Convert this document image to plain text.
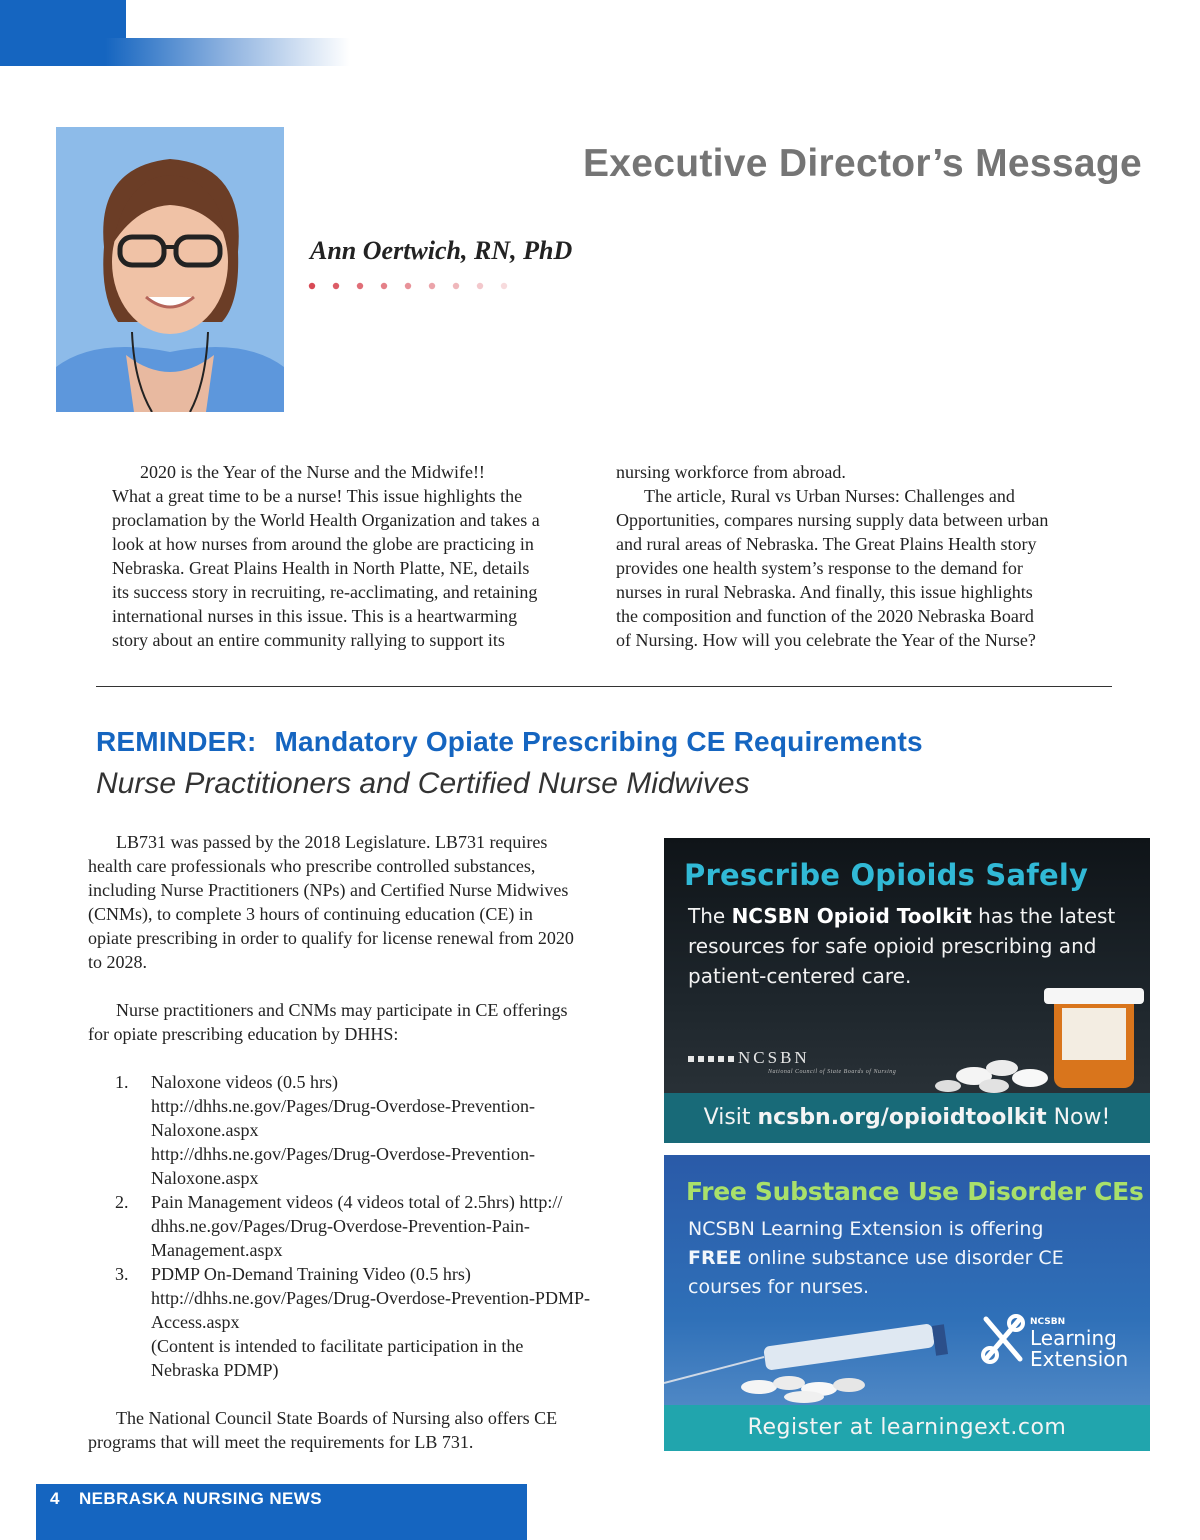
Executive Director’s Message
Ann Oertwich, RN, PhD

2020 is the Year of the Nurse and the Midwife!!

What a great time to be a nurse! This issue highlights the
proclamation by the World Health Organization and takes a
look at how nurses from around the globe are practicing in
Nebraska. Great Plains Health in North Platte, NE, details
its success story in recruiting, re-acclimating, and retaining
international nurses in this issue. This is a heartwarming
story about an entire community rallying to support its
nursing workforce from abroad.

The article, Rural vs Urban Nurses: Challenges and

Opportunities, compares nursing supply data between urban
and rural areas of Nebraska. The Great Plains Health story
provides one health system’s response to the demand for
nurses in rural Nebraska. And finally, this issue highlights
the composition and function of the 2020 Nebraska Board
of Nursing. How will you celebrate the Year of the Nurse?
REMINDER: Mandatory Opiate Prescribing CE Requirements
Nurse Practitioners and Certified Nurse Midwives

LB731 was passed by the 2018 Legislature. LB731 requires

health care professionals who prescribe controlled substances,
including Nurse Practitioners (NPs) and Certified Nurse Midwives
(CNMs), to complete 3 hours of continuing education (CE) in
opiate prescribing in order to qualify for license renewal from 2020
to 2028.

Nurse practitioners and CNMs may participate in CE offerings

for opiate prescribing education by DHHS:
1. Naloxone videos (0.5 hrs)
http://dhhs.ne.gov/Pages/Drug-Overdose-Prevention-
Naloxone.aspx
http://dhhs.ne.gov/Pages/Drug-Overdose-Prevention-
Naloxone.aspx
2. Pain Management videos (4 videos total of 2.5hrs) http://
dhhs.ne.gov/Pages/Drug-Overdose-Prevention-Pain-
Management.aspx
3. PDMP On-Demand Training Video (0.5 hrs)
http://dhhs.ne.gov/Pages/Drug-Overdose-Prevention-PDMP-
Access.aspx
(Content is intended to facilitate participation in the
Nebraska PDMP)

The National Council State Boards of Nursing also offers CE

programs that will meet the requirements for LB 731.
Prescribe Opioids Safely
The NCSBN Opioid Toolkit has the latest resources for safe opioid prescribing and patient-centered care.
NCSBN
National Council of State Boards of Nursing
Visit ncsbn.org/opioidtoolkit Now!
Free Substance Use Disorder CEs
NCSBN Learning Extension is offering
FREE online substance use disorder CE
courses for nurses.
NCSBN
Learning
Extension
Register at learningext.com
4 NEBRASKA NURSING NEWS
